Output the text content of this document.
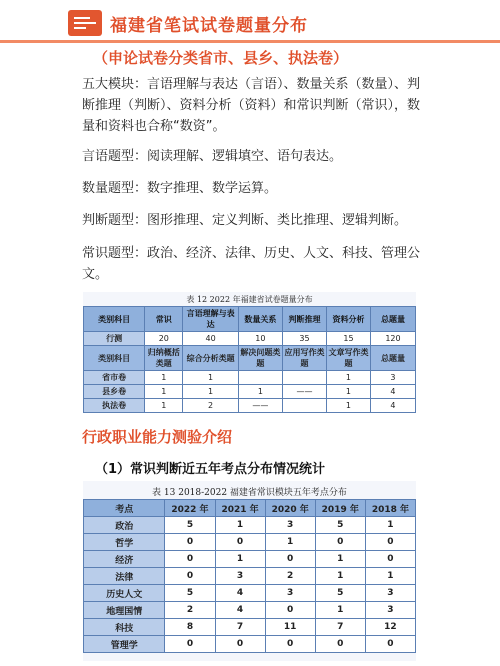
福建省笔试试卷题量分布
（申论试卷分类省市、县乡、执法卷）
五大模块：言语理解与表达（言语）、数量关系（数量）、判断推理（判断）、资料分析（资料）和常识判断（常识），数量和资料也合称“数资”。
言语题型：阅读理解、逻辑填空、语句表达。
数量题型：数字推理、数学运算。
判断题型：图形推理、定义判断、类比推理、逻辑判断。
常识题型：政治、经济、法律、历史、人文、科技、管理公文。
表 12 2022 年福建省试卷题量分布
类别科目	常识	言语理解与表达	数量关系	判断推理	资料分析	总题量
行测	20	40	10	35	15	120
类别科目	归纳概括类题	综合分析类题	解决问题类题	应用写作类题	文章写作类题	总题量
省市卷	1	1			1	3
县乡卷	1	1	1	——	1	4
执法卷	1	2	——		1	4
行政职业能力测验介绍
（1）常识判断近五年考点分布情况统计
表 13 2018-2022 福建省常识模块五年考点分布
考点	2022 年	2021 年	2020 年	2019 年	2018 年
政治	5	1	3	5	1
哲学	0	0	1	0	0
经济	0	1	0	1	0
法律	0	3	2	1	1
历史人文	5	4	3	5	3
地理国情	2	4	0	1	3
科技	8	7	11	7	12
管理学	0	0	0	0	0
